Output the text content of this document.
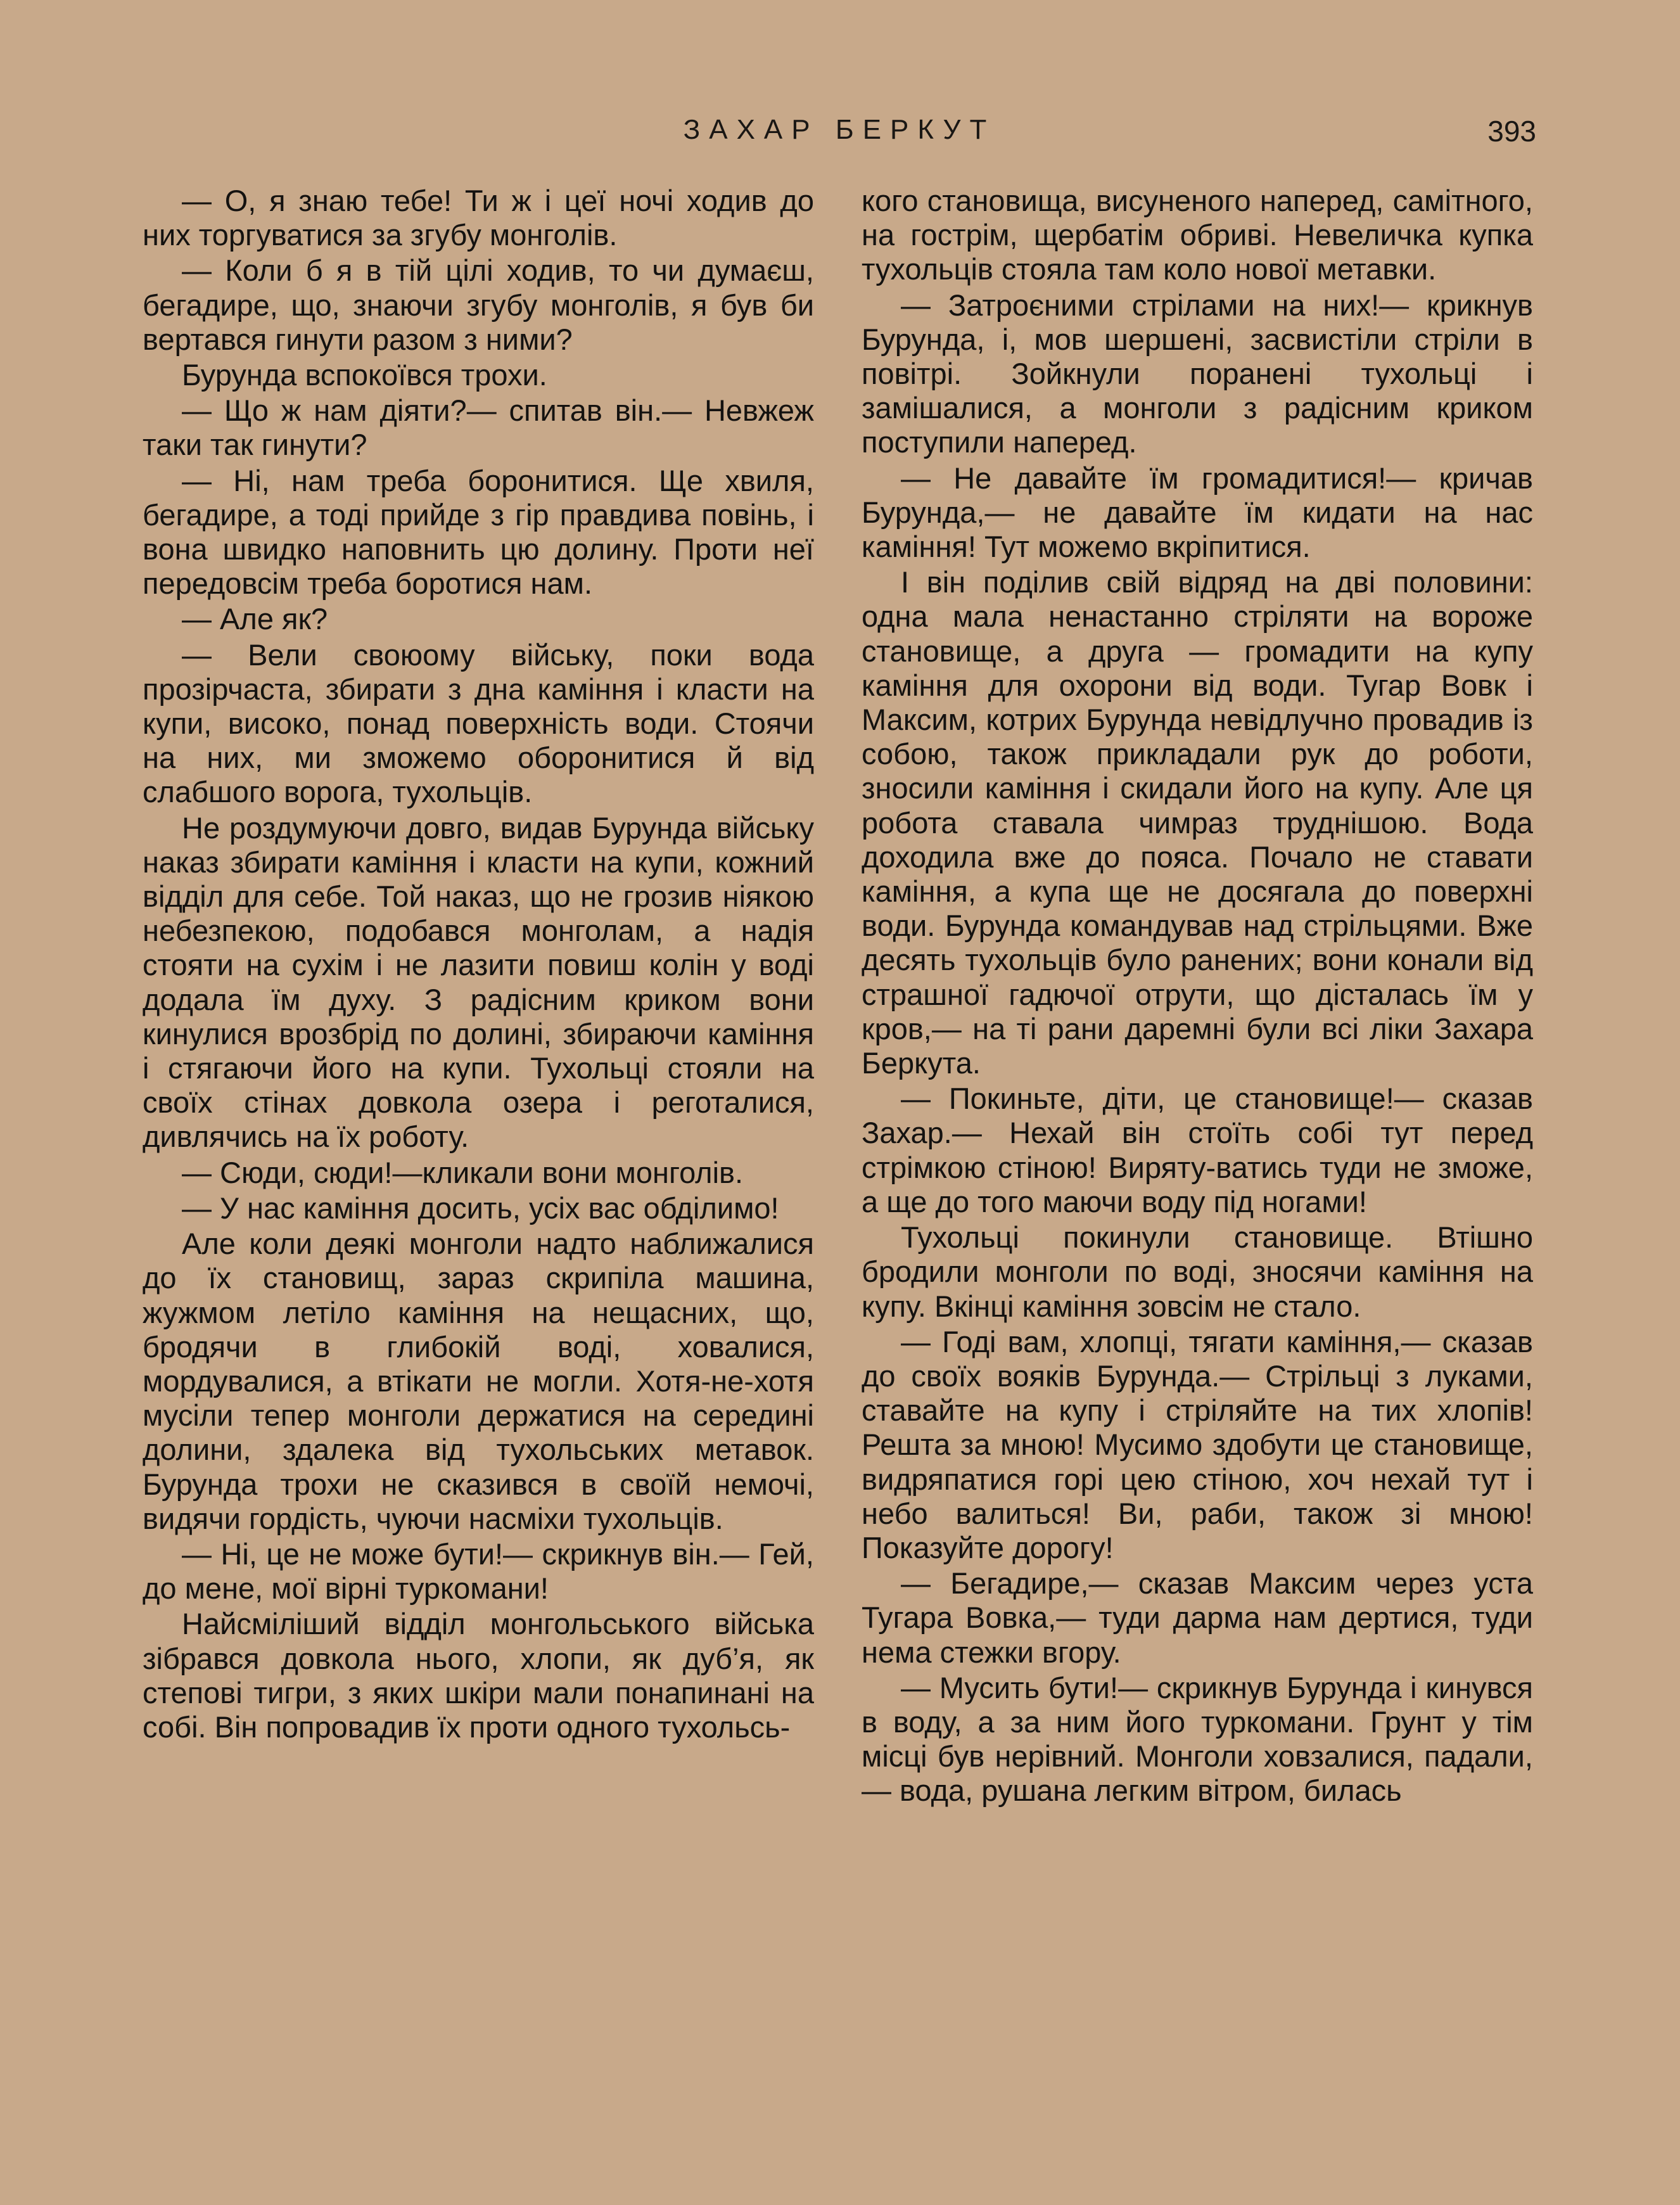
ЗАХАР БЕРКУТ	393

— О, я знаю тебе! Ти ж і цеї ночі ходив до них торгуватися за згубу монголів.

— Коли б я в тій цілі ходив, то чи думаєш, бегадире, що, знаючи згубу монголів, я був би вертався гинути разом з ними?

Бурунда вспокоївся трохи.

— Що ж нам діяти?— спитав він.— Невжеж таки так гинути?

— Ні, нам треба боронитися. Ще хвиля, бегадире, а тоді прийде з гір правдива повінь, і вона швидко наповнить цю долину. Проти неї передовсім треба боротися нам.

— Але як?

— Вели своюому війську, поки вода прозірчаста, збирати з дна каміння і класти на купи, високо, понад поверхність води. Стоячи на них, ми зможемо оборонитися й від слабшого ворога, тухольців.

Не роздумуючи довго, видав Бурунда війську наказ збирати каміння і класти на купи, кожний відділ для себе. Той наказ, що не грозив ніякою небезпекою, подобався монголам, а надія стояти на сухім і не лазити повиш колін у воді додала їм духу. З радісним криком вони кинулися врозбрід по долині, збираючи каміння і стягаючи його на купи. Тухольці стояли на своїх стінах довкола озера і реготалися, дивлячись на їх роботу.

— Сюди, сюди!—кликали вони монголів.

— У нас каміння досить, усіх вас обділимо!

Але коли деякі монголи надто наближалися до їх становищ, зараз скрипіла машина, жужмом летіло каміння на нещасних, що, бродячи в глибокій воді, ховалися, мордувалися, а втікати не могли. Хотя-не-хотя мусіли тепер монголи держатися на середині долини, здалека від тухольських метавок. Бурунда трохи не сказився в своїй немочі, видячи гордість, чуючи насміхи тухольців.

— Ні, це не може бути!— скрикнув він.— Гей, до мене, мої вірні туркомани!

Найсміліший відділ монгольського війська зібрався довкола нього, хлопи, як дуб’я, як степові тигри, з яких шкіри мали понапинані на собі. Він попровадив їх проти одного тухольсь-

кого становища, висуненого наперед, самітного, на гострім, щербатім обриві. Невеличка купка тухольців стояла там коло нової метавки.

— Затроєними стрілами на них!— крикнув Бурунда, і, мов шершені, засвистіли стріли в повітрі. Зойкнули поранені тухольці і замішалися, а монголи з радісним криком поступили наперед.

— Не давайте їм громадитися!— кричав Бурунда,— не давайте їм кидати на нас каміння! Тут можемо вкріпитися.

І він поділив свій відряд на дві половини: одна мала ненастанно стріляти на вороже становище, а друга — громадити на купу каміння для охорони від води. Тугар Вовк і Максим, котрих Бурунда невідлучно провадив із собою, також прикладали рук до роботи, зносили каміння і скидали його на купу. Але ця робота ставала чимраз труднішою. Вода доходила вже до пояса. Почало не ставати каміння, а купа ще не досягала до поверхні води. Бурунда командував над стрільцями. Вже десять тухольців було ранених; вони конали від страшної гадючої отрути, що дісталась їм у кров,— на ті рани даремні були всі ліки Захара Беркута.

— Покиньте, діти, це становище!— сказав Захар.— Нехай він стоїть собі тут перед стрімкою стіною! Виряту-ватись туди не зможе, а ще до того маючи воду під ногами!

Тухольці покинули становище. Втішно бродили монголи по воді, зносячи каміння на купу. Вкінці каміння зовсім не стало.

— Годі вам, хлопці, тягати каміння,— сказав до своїх вояків Бурунда.— Стрільці з луками, ставайте на купу і стріляйте на тих хлопів! Решта за мною! Мусимо здобути це становище, видряпатися горі цею стіною, хоч нехай тут і небо валиться! Ви, раби, також зі мною! Показуйте дорогу!

— Бегадире,— сказав Максим через уста Тугара Вовка,— туди дарма нам дертися, туди нема стежки вгору.

— Мусить бути!— скрикнув Бурунда і кинувся в воду, а за ним його туркомани. Грунт у тім місці був нерівний. Монголи ховзалися, падали,— вода, рушана легким вітром, билась
